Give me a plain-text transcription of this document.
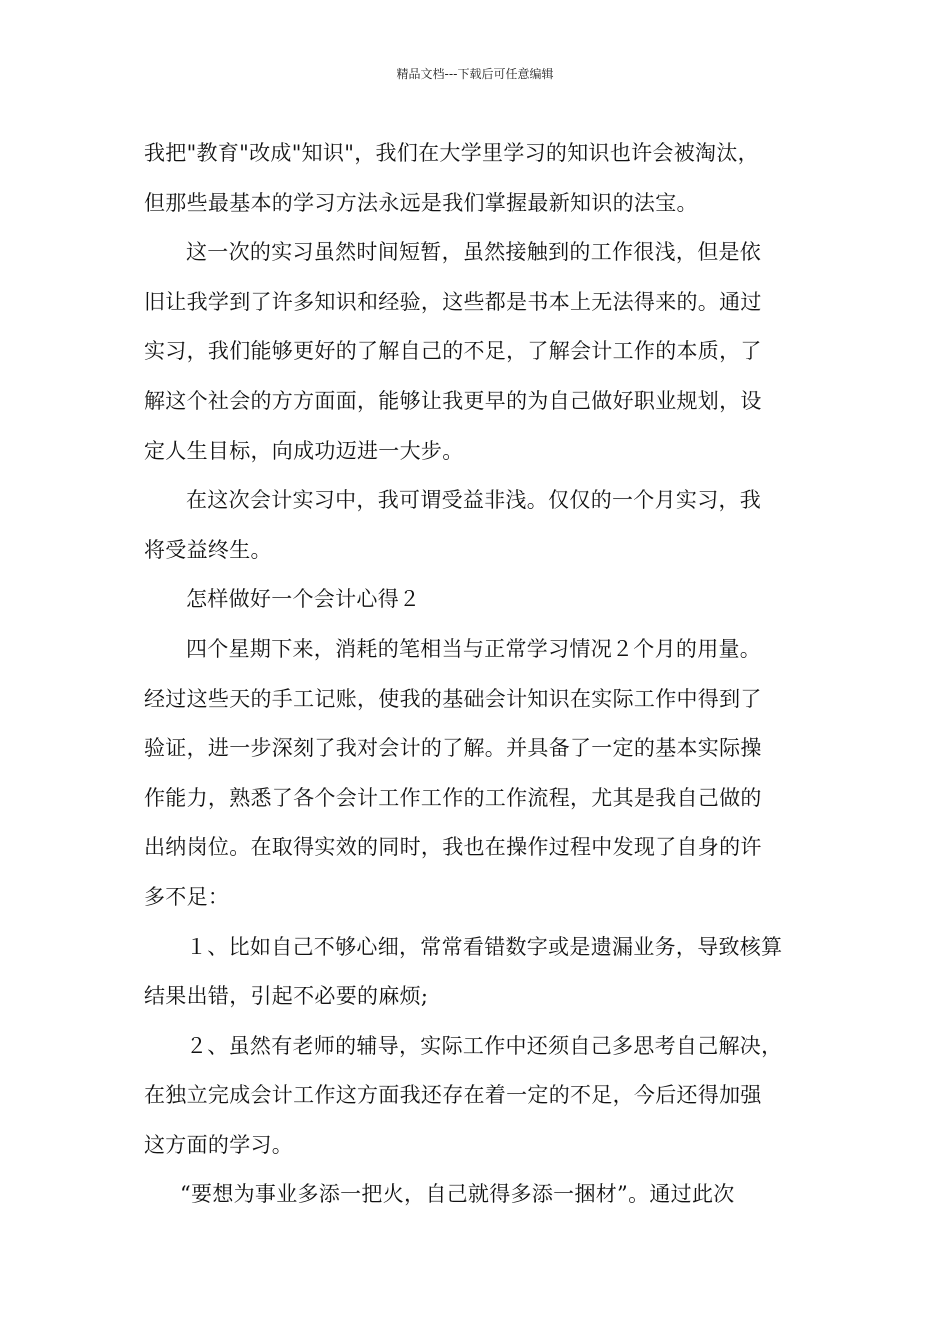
精品文档---下载后可任意编辑
我把"教育"改成"知识"，我们在大学里学习的知识也许会被淘汰，
但那些最基本的学习方法永远是我们掌握最新知识的法宝。
这一次的实习虽然时间短暂，虽然接触到的工作很浅，但是依
旧让我学到了许多知识和经验，这些都是书本上无法得来的。通过
实习，我们能够更好的了解自己的不足，了解会计工作的本质，了
解这个社会的方方面面，能够让我更早的为自己做好职业规划，设
定人生目标，向成功迈进一大步。
在这次会计实习中，我可谓受益非浅。仅仅的一个月实习，我
将受益终生。
怎样做好一个会计心得２
四个星期下来，消耗的笔相当与正常学习情况２个月的用量。
经过这些天的手工记账，使我的基础会计知识在实际工作中得到了
验证，进一步深刻了我对会计的了解。并具备了一定的基本实际操
作能力，熟悉了各个会计工作工作的工作流程，尤其是我自己做的
出纳岗位。在取得实效的同时，我也在操作过程中发现了自身的许
多不足：
１、比如自己不够心细，常常看错数字或是遗漏业务，导致核算
结果出错，引起不必要的麻烦;
２、虽然有老师的辅导，实际工作中还须自己多思考自己解决，
在独立完成会计工作这方面我还存在着一定的不足，今后还得加强
这方面的学习。
“要想为事业多添一把火，自己就得多添一捆材”。通过此次
